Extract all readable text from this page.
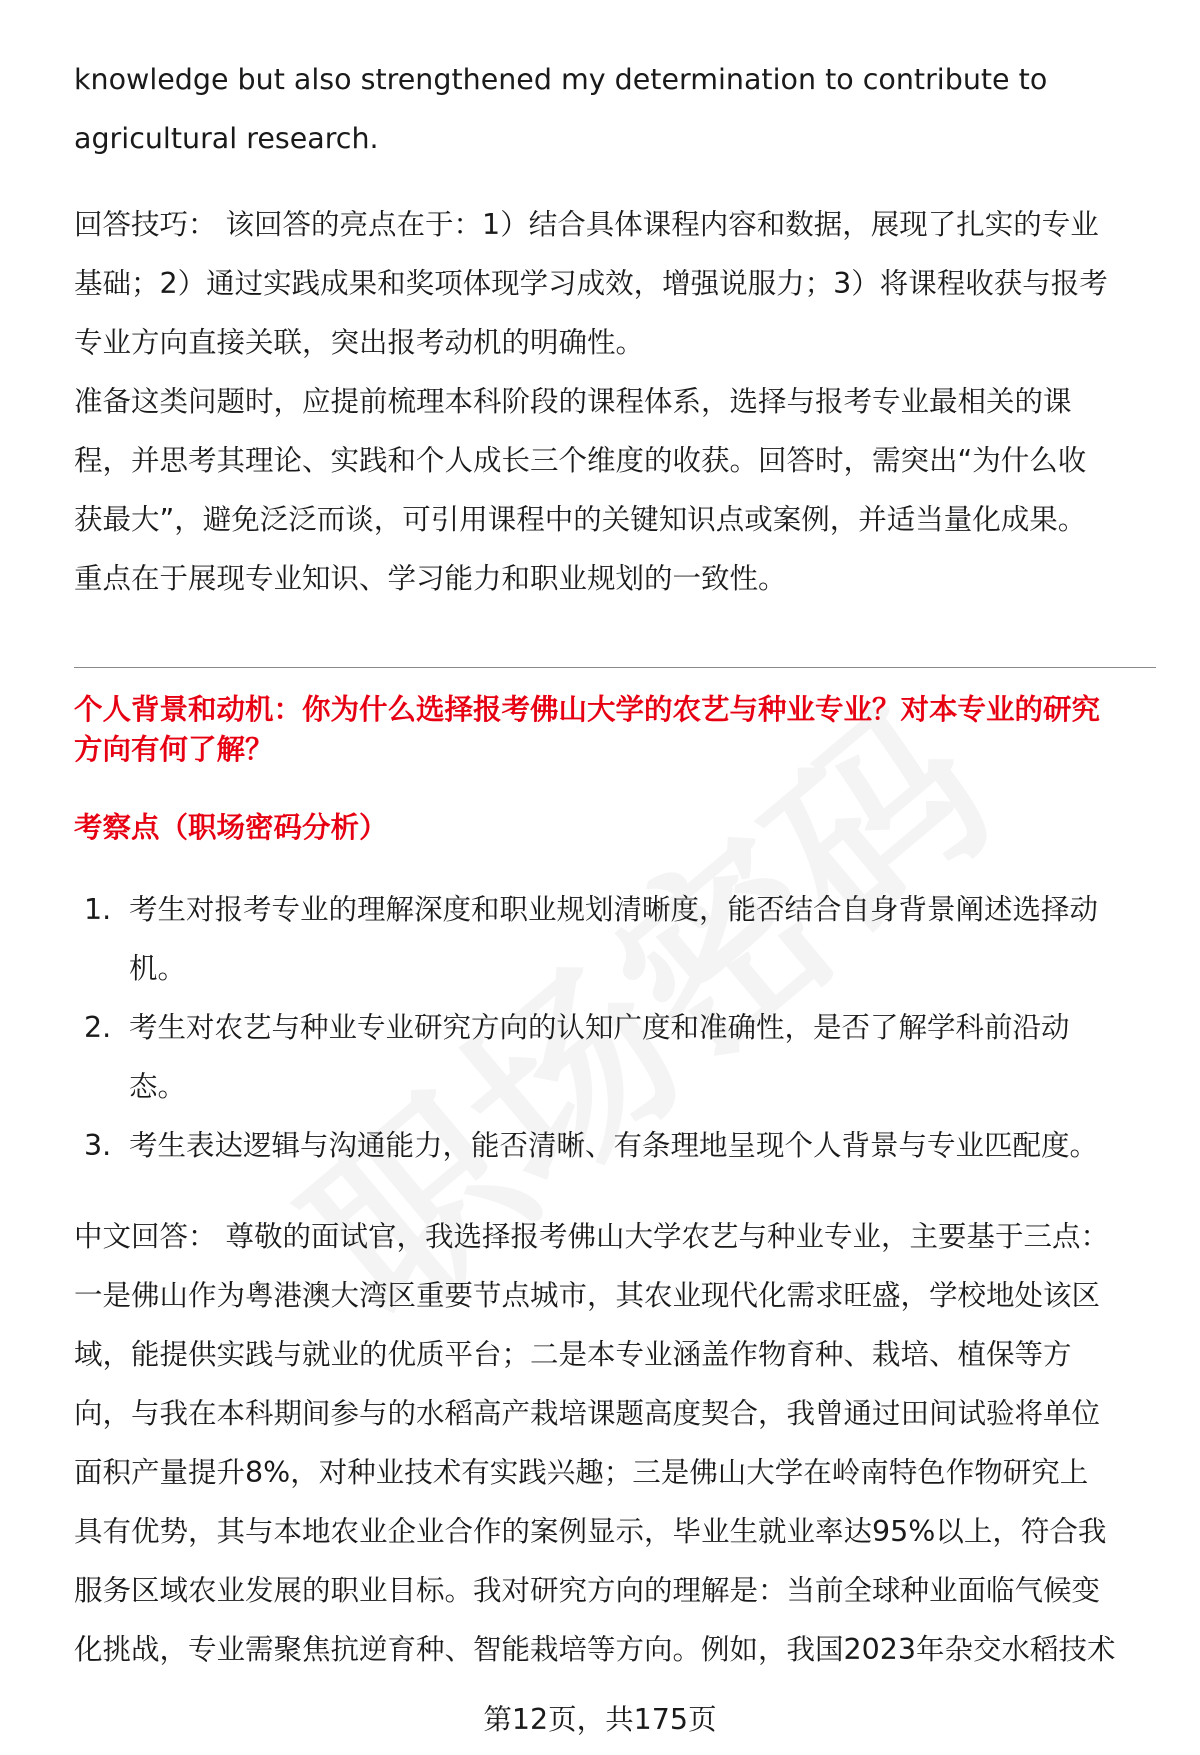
knowledge but also strengthened my determination to contribute to

agricultural research.

回答技巧： 该回答的亮点在于：1）结合具体课程内容和数据，展现了扎实的专业

基础；2）通过实践成果和奖项体现学习成效，增强说服力；3）将课程收获与报考

专业方向直接关联，突出报考动机的明确性。

准备这类问题时，应提前梳理本科阶段的课程体系，选择与报考专业最相关的课

程，并思考其理论、实践和个人成长三个维度的收获。回答时，需突出“为什么收

获最大”，避免泛泛而谈，可引用课程中的关键知识点或案例，并适当量化成果。

重点在于展现专业知识、学习能力和职业规划的一致性。

个人背景和动机：你为什么选择报考佛山大学的农艺与种业专业？对本专业的研究
方向有何了解？
考察点（职场密码分析）
1. 考生对报考专业的理解深度和职业规划清晰度，能否结合自身背景阐述选择动

机。

2. 考生对农艺与种业专业研究方向的认知广度和准确性，是否了解学科前沿动

态。

3. 考生表达逻辑与沟通能力，能否清晰、有条理地呈现个人背景与专业匹配度。

中文回答： 尊敬的面试官，我选择报考佛山大学农艺与种业专业，主要基于三点：

一是佛山作为粤港澳大湾区重要节点城市，其农业现代化需求旺盛，学校地处该区

域，能提供实践与就业的优质平台；二是本专业涵盖作物育种、栽培、植保等方

向，与我在本科期间参与的水稻高产栽培课题高度契合，我曾通过田间试验将单位

面积产量提升8%，对种业技术有实践兴趣；三是佛山大学在岭南特色作物研究上

具有优势，其与本地农业企业合作的案例显示，毕业生就业率达95%以上，符合我

服务区域农业发展的职业目标。我对研究方向的理解是：当前全球种业面临气候变

化挑战，专业需聚焦抗逆育种、智能栽培等方向。例如，我国2023年杂交水稻技术

第12页，共175页
